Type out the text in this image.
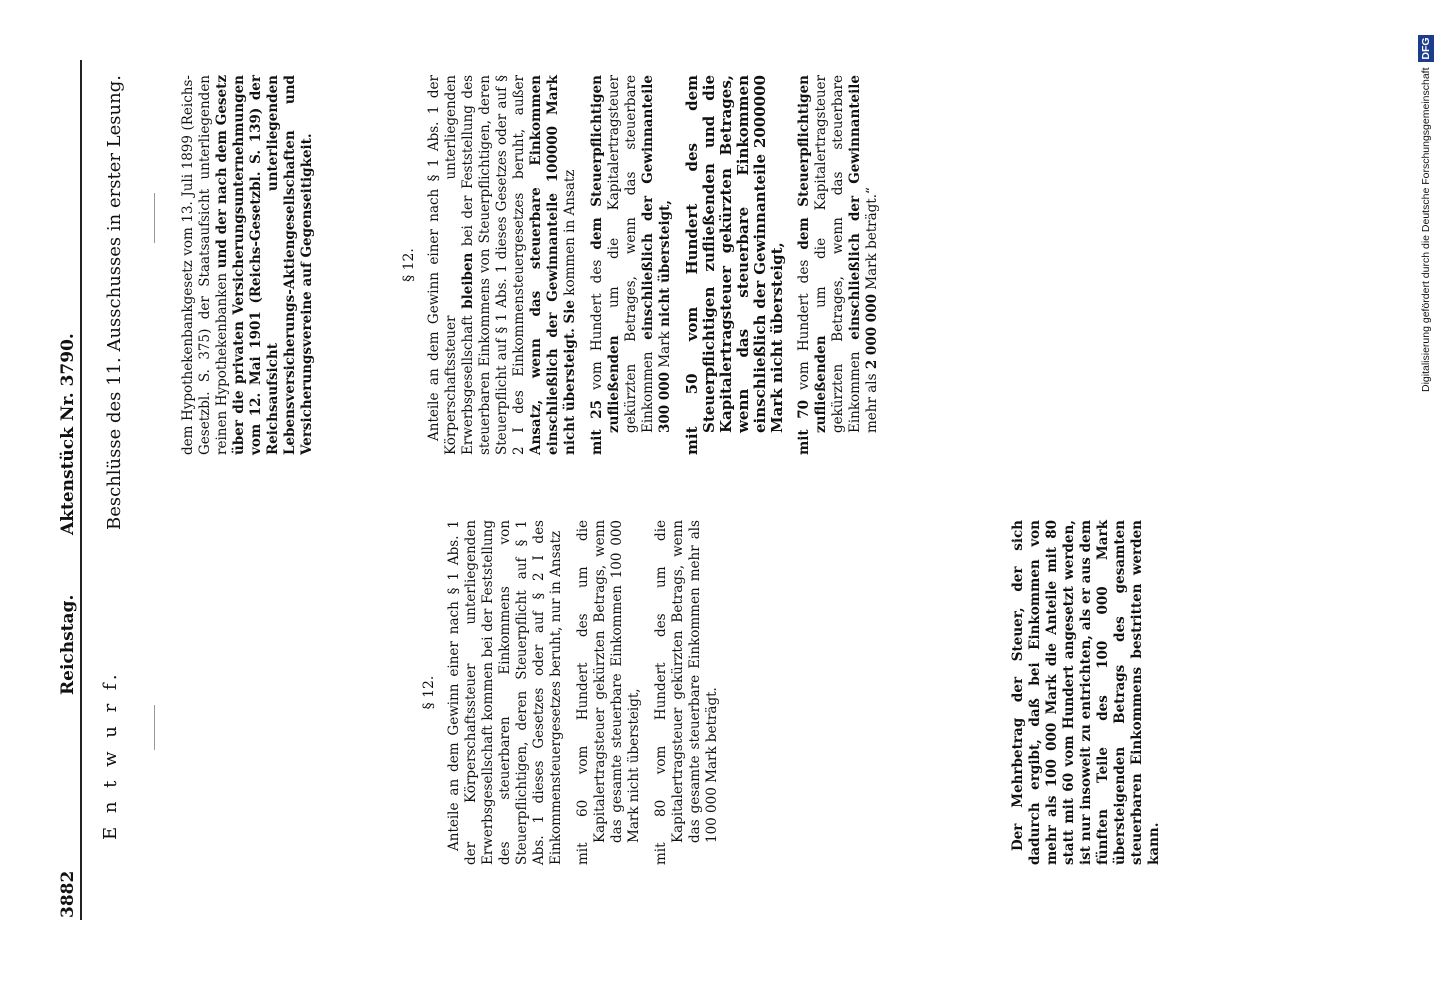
3882
Reichstag.
Aktenstück Nr. 3790.
E n t w u r f.
Beschlüsse des 11. Ausschusses in erster Lesung.
§ 12. Anteile an dem Gewinn einer nach § 1 Abs. 1 der Körperschaftssteuer unterliegenden Erwerbsgesellschaft kommen bei der Feststellung des steuerbaren Einkommens von Steuerpflichtigen, deren Steuerpflicht auf § 1 Abs. 1 dieses Gesetzes oder auf § 2 I des Einkommensteuergesetzes beruht, nur in Ansatz mit 60 vom Hundert des um die Kapitalertragsteuer gekürzten Betrags, wenn das gesamte steuerbare Einkommen 100 000 Mark nicht übersteigt, mit 80 vom Hundert des um die Kapitalertragsteuer gekürzten Betrags, wenn das gesamte steuerbare Einkommen mehr als 100 000 Mark beträgt.	Der Mehrbetrag der Steuer, der sich dadurch ergibt, daß bei Einkommen von mehr als 100 000 Mark die Anteile mit 80 statt mit 60 vom Hundert angesetzt werden, ist nur insoweit zu entrichten, als er aus dem fünften Teile des 100 000 Mark übersteigenden Betrags des gesamten steuerbaren Einkommens bestritten werden kann.

dem Hypothekenbankgesetz vom 13. Juli 1899 (Reichs-Gesetzbl. S. 375) der Staatsaufsicht unterliegenden reinen Hypothekenbanken und der nach dem Gesetz über die privaten Versicherungsunternehmungen vom 12. Mai 1901 (Reichs-Gesetzbl. S. 139) der Reichsaufsicht unterliegenden Lebensversicherungs-Aktiengesellschaften und Versicherungsvereine auf Gegenseitigkeit.	§ 12. Anteile an dem Gewinn einer nach § 1 Abs. 1 der Körperschaftssteuer unterliegenden Erwerbsgesellschaft bleiben bei der Feststellung des steuerbaren Einkommens von Steuerpflichtigen, deren Steuerpflicht auf § 1 Abs. 1 dieses Gesetzes oder auf § 2 I des Einkommensteuergesetzes beruht, außer Ansatz, wenn das steuerbare Einkommen einschließlich der Gewinnanteile 100000 Mark nicht übersteigt. Sie kommen in Ansatz

mit 25 vom Hundert des dem Steuerpflichtigen zufließenden um die Kapitalertragsteuer gekürzten Betrages, wenn das steuerbare Einkommen einschließlich der Gewinnanteile 300 000 Mark nicht übersteigt, mit 50 vom Hundert des dem Steuerpflichtigen zufließenden und die Kapitalertragsteuer gekürzten Betrages, wenn das steuerbare Einkommen einschließlich der Gewinnanteile 2000000 Mark nicht übersteigt, mit 70 vom Hundert des dem Steuerpflichtigen zufließenden um die Kapitalertragsteuer gekürzten Betrages, wenn das steuerbare Einkommen einschließlich der Gewinnanteile mehr als 2 000 000 Mark beträgt.“	Digitalisierung gefördert durch die Deutsche Forschungsgemeinschaft DFG
